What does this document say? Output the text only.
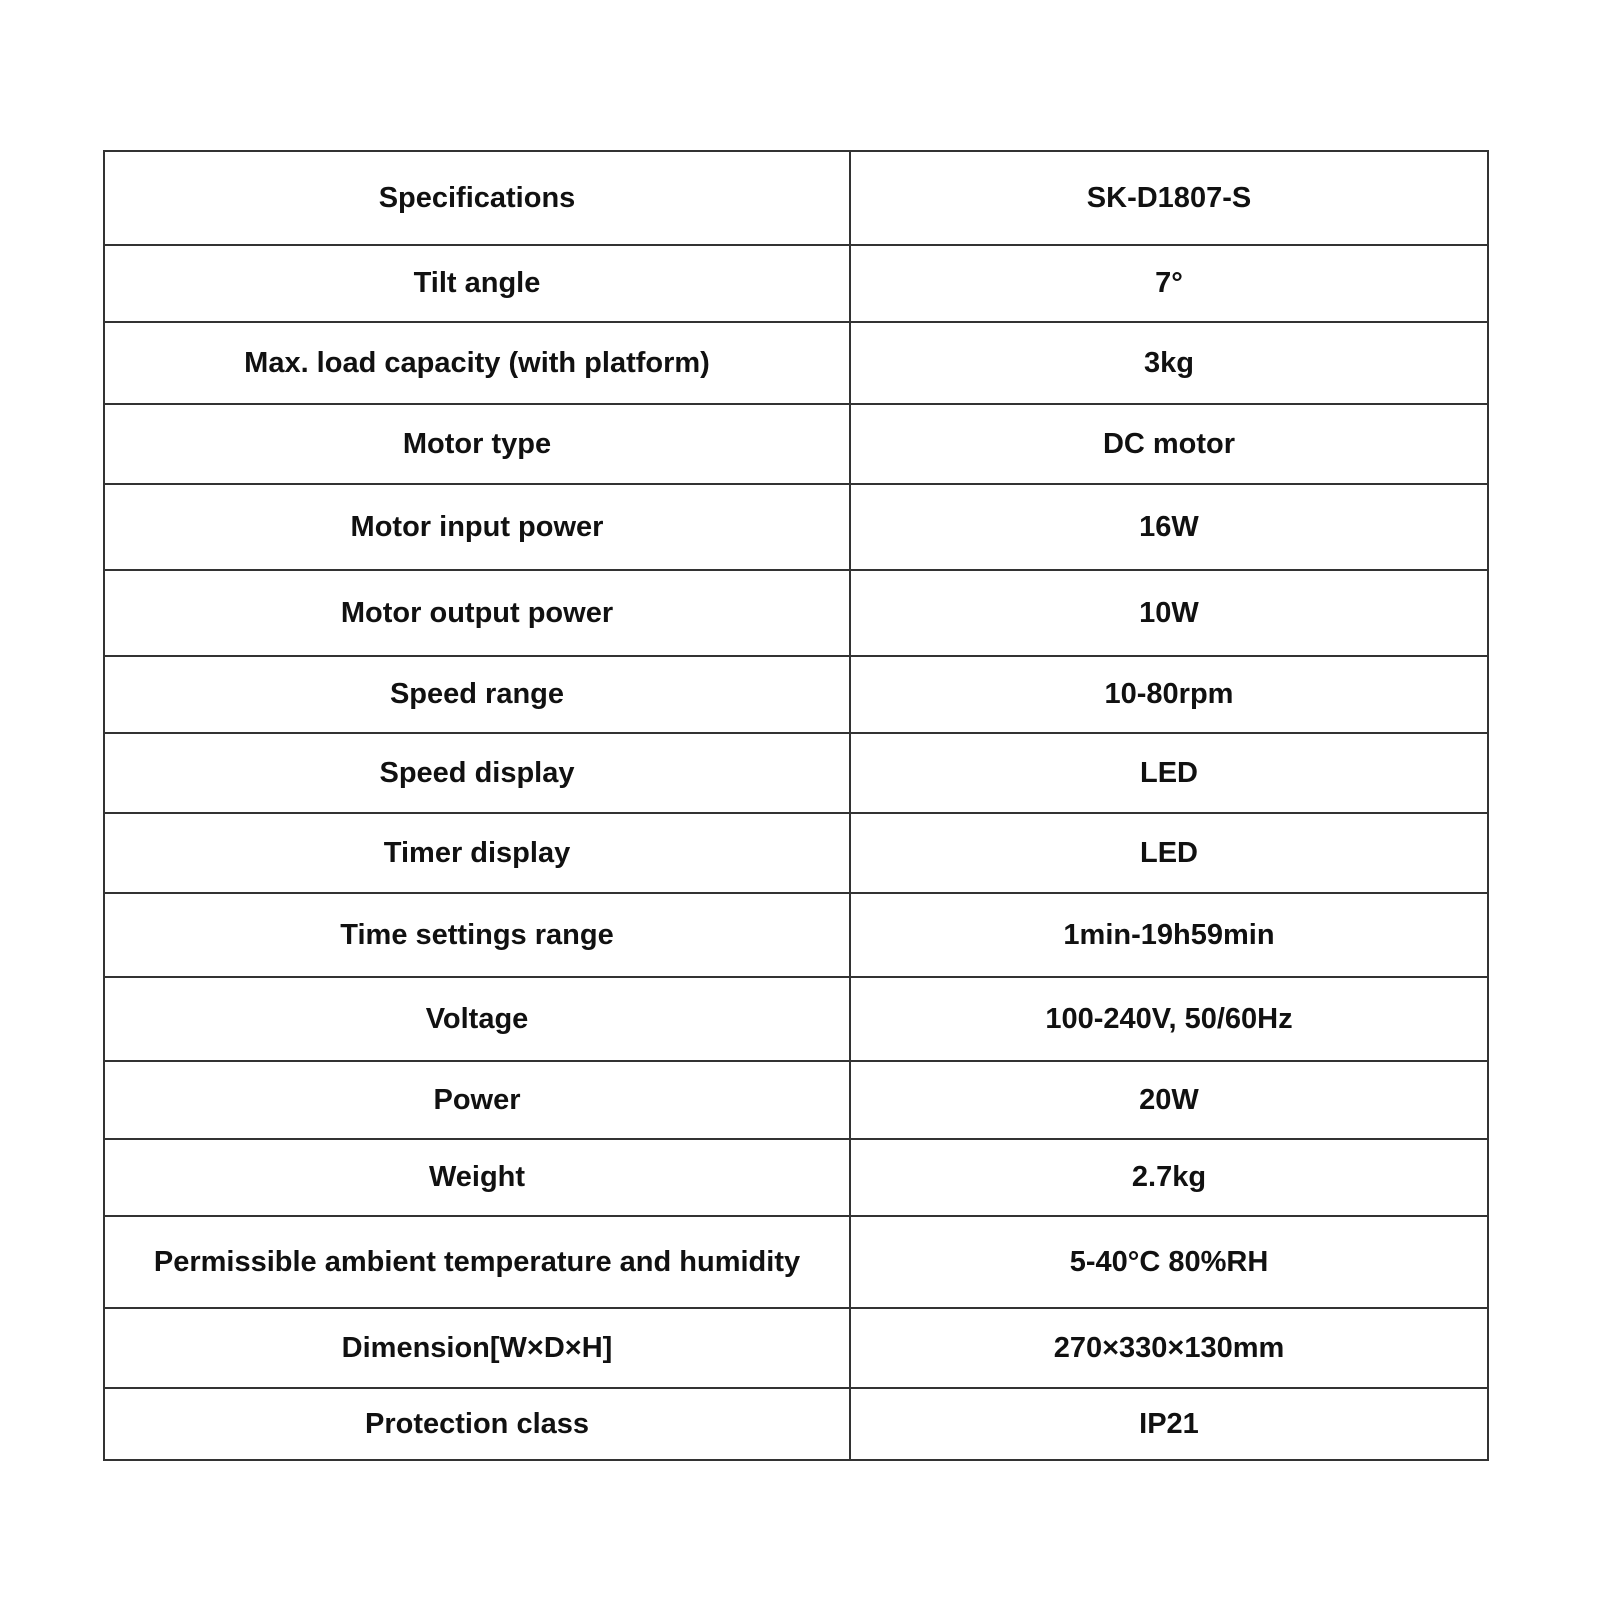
Specifications	SK-D1807-S
Tilt angle	7°
Max. load capacity (with platform)	3kg
Motor type	DC motor
Motor input power	16W
Motor output power	10W
Speed range	10-80rpm
Speed display	LED
Timer display	LED
Time settings range	1min-19h59min
Voltage	100-240V, 50/60Hz
Power	20W
Weight	2.7kg
Permissible ambient temperature and humidity	5-40°C 80%RH
Dimension[W×D×H]	270×330×130mm
Protection class	IP21
